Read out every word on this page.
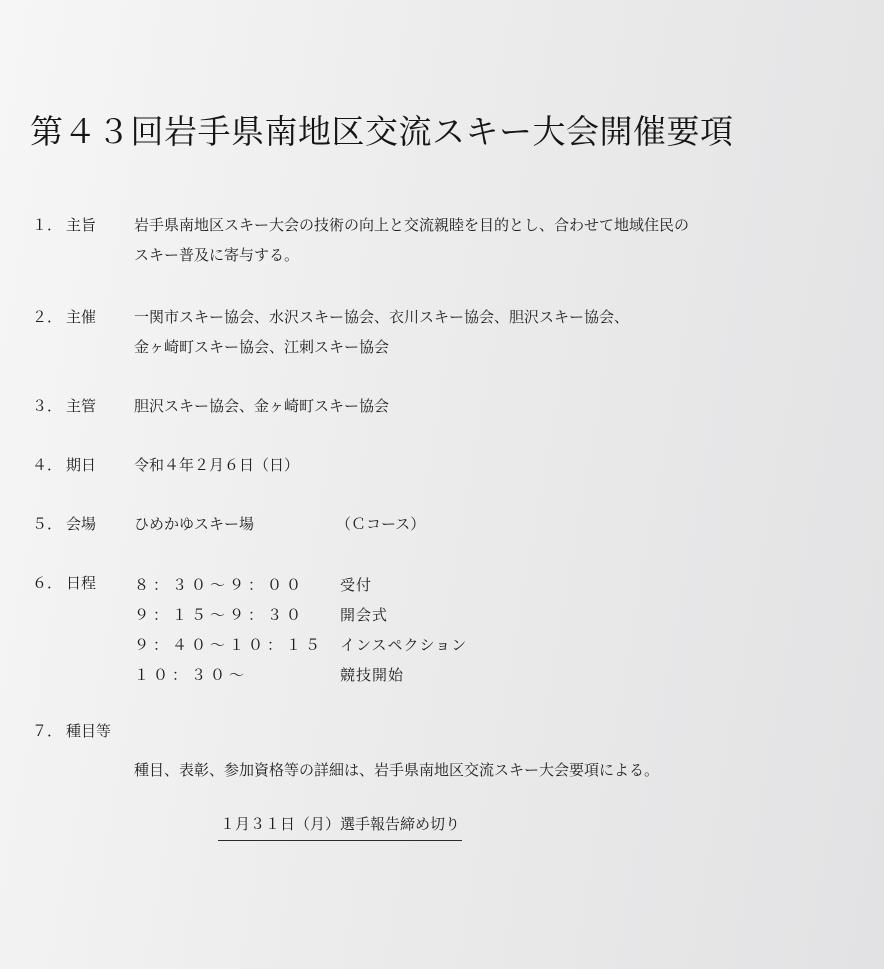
第４３回岩手県南地区交流スキー大会開催要項
１． 主旨	岩手県南地区スキー大会の技術の向上と交流親睦を目的とし、合わせて地域住民の
スキー普及に寄与する。
２． 主催	一関市スキー協会、水沢スキー協会、衣川スキー協会、胆沢スキー協会、
金ヶ崎町スキー協会、江刺スキー協会
３． 主管	胆沢スキー協会、金ヶ崎町スキー協会
４． 期日	令和４年２月６日（日）
５． 会場	ひめかゆスキー場	（Ｃコース）
６． 日程	８：３０～９：００ 受付
９：１５～９：３０ 開会式
９：４０～１０：１５ インスペクション
１０：３０～	競技開始
７． 種目等
種目、表彰、参加資格等の詳細は、岩手県南地区交流スキー大会要項による。
１月３１日（月）選手報告締め切り
